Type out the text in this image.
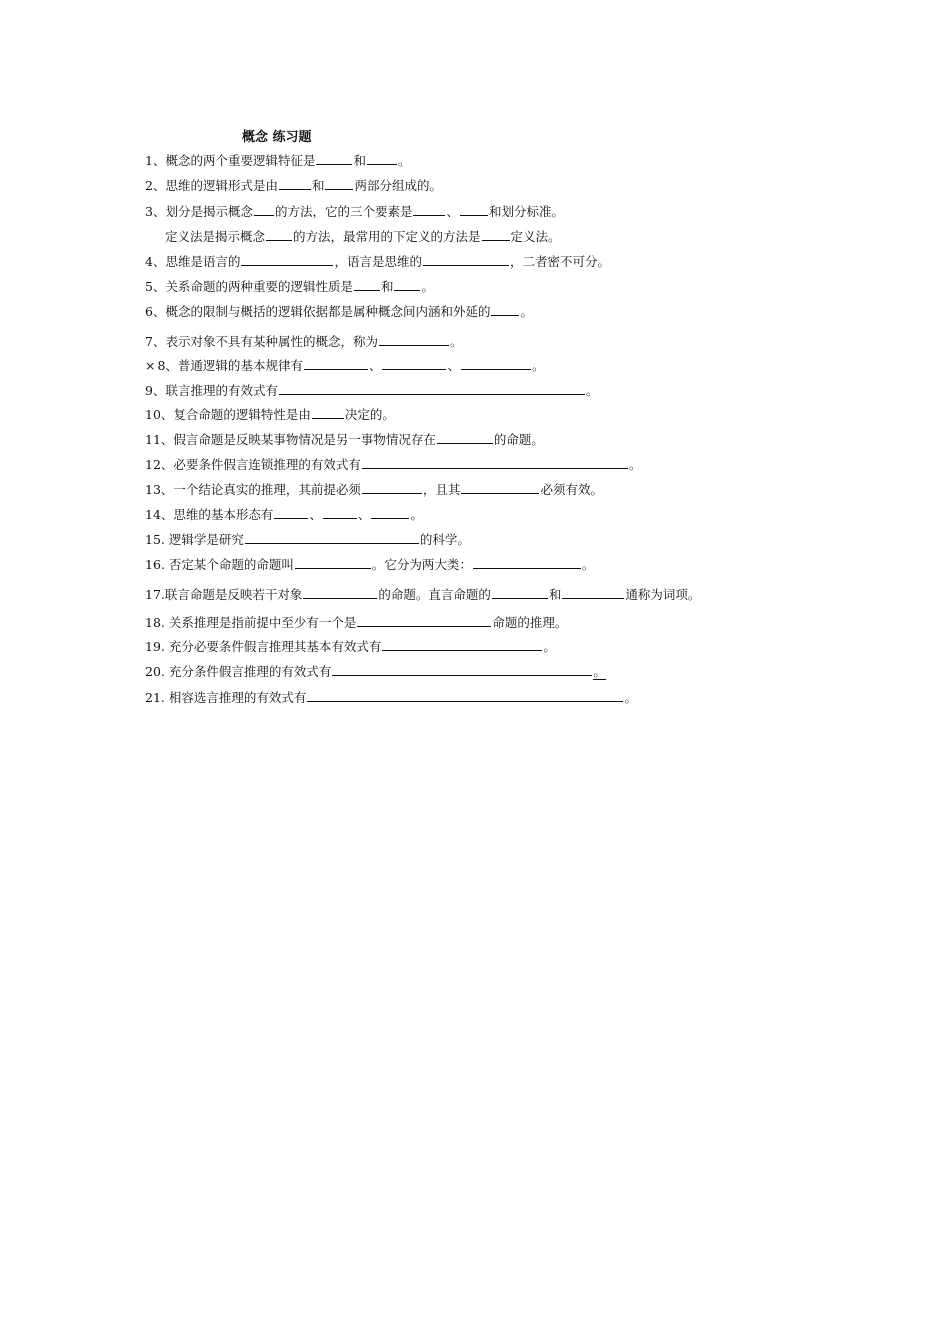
概念 练习题
1、概念的两个重要逻辑特征是	和	。
2、思维的逻辑形式是由	和 两部分组成的。
3、划分是揭示概念 的方法，它的三个要素是	、 和划分标准。
定义法是揭示概念 的方法，最常用的下定义的方法是 定义法。
4、思维是语言的	，语言是思维的	，二者密不可分。
5、关系命题的两种重要的逻辑性质是 和 。
6、概念的限制与概括的逻辑依据都是属种概念间内涵和外延的 。
7、表示对象不具有某种属性的概念，称为	。
× 8、普通逻辑的基本规律有	、	、	。
9、联言推理的有效式有	。
10、复合命题的逻辑特性是由	决定的。
11、假言命题是反映某事物情况是另一事物情况存在	的命题。
12、必要条件假言连锁推理的有效式有	。
13、一个结论真实的推理，其前提必须	，且其	必须有效。
14、思维的基本形态有	、	、	。
15. 逻辑学是研究	的科学。
16. 否定某个命题的命题叫	。它分为两大类：	。
17.联言命题是反映若干对象	的命题。直言命题的	和	通称为词项。
18. 关系推理是指前提中至少有一个是	命题的推理。
19. 充分必要条件假言推理其基本有效式有	。
20. 充分条件假言推理的有效式有	。
21. 相容选言推理的有效式有	。
